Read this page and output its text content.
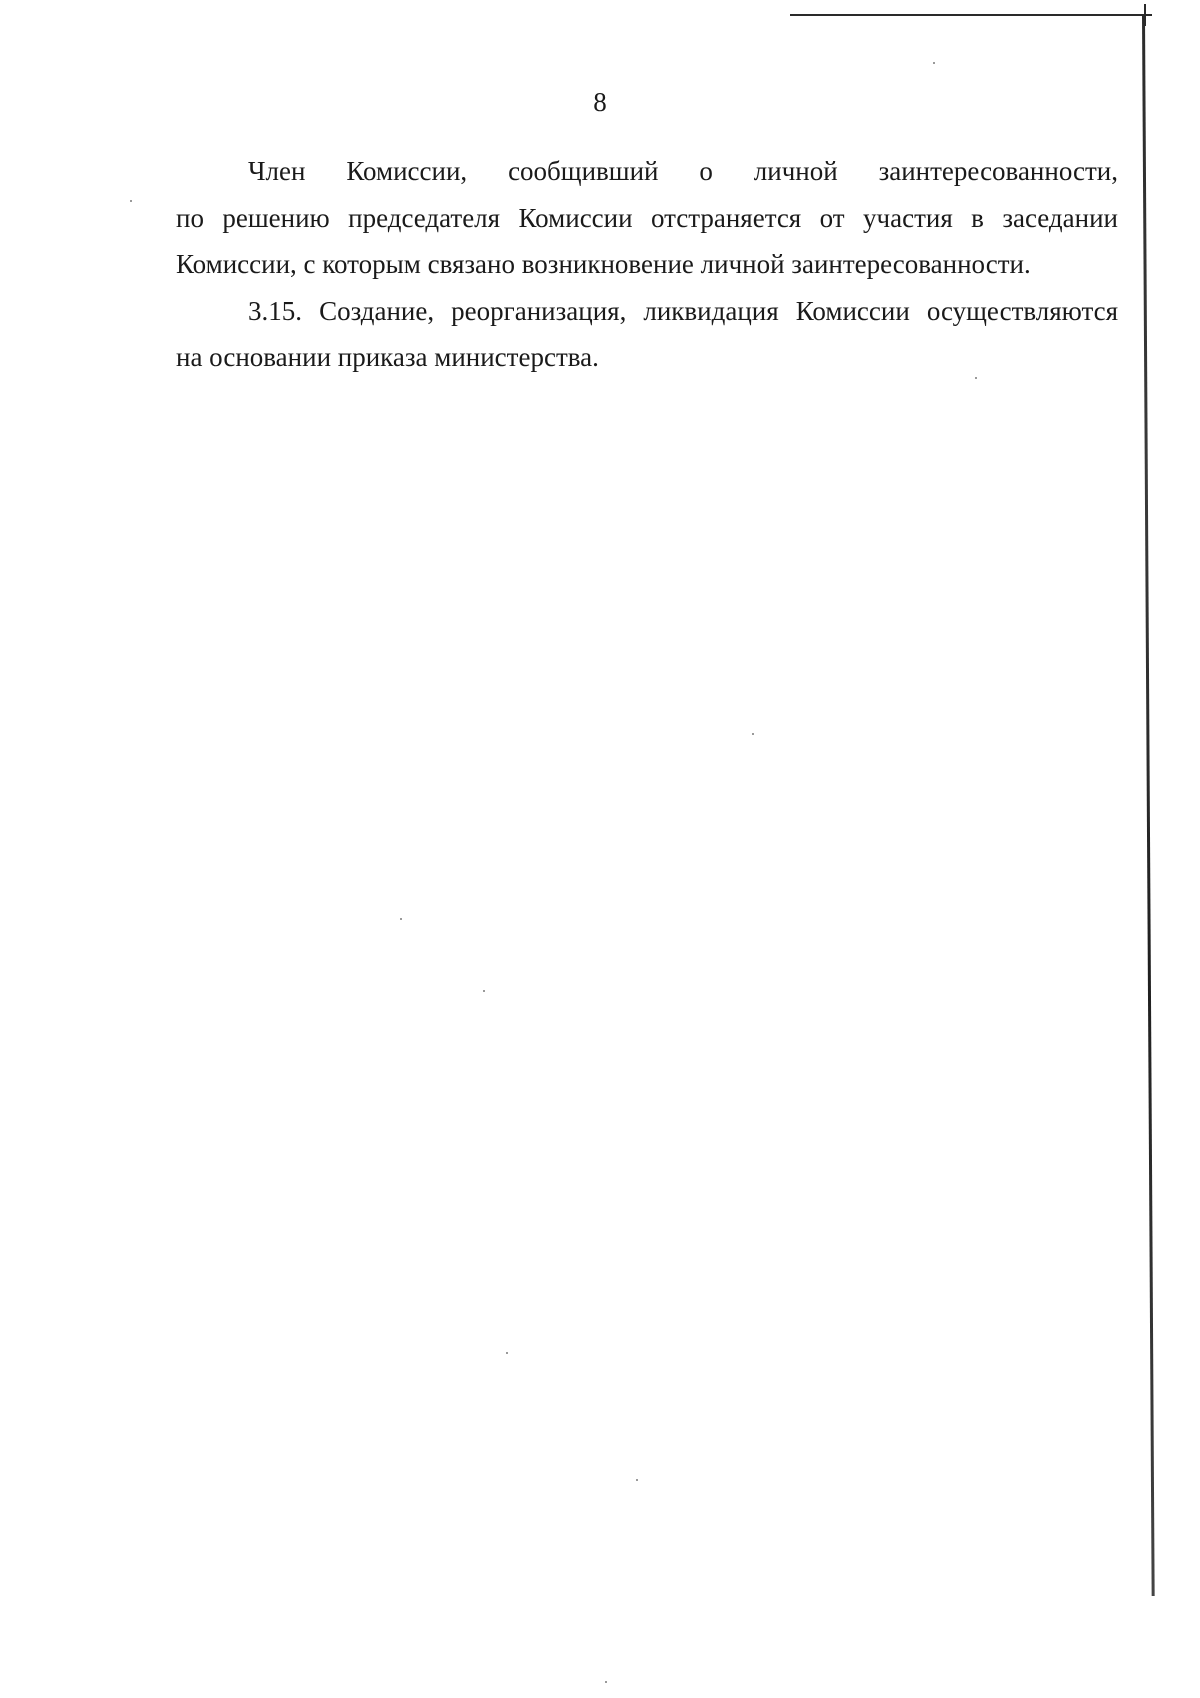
8

Член Комиссии, сообщивший о личной заинтересованности,
по решению председателя Комиссии отстраняется от участия в заседании
Комиссии, с которым связано возникновение личной заинтересованности.

3.15. Создание, реорганизация, ликвидация Комиссии осуществляются
на основании приказа министерства.
